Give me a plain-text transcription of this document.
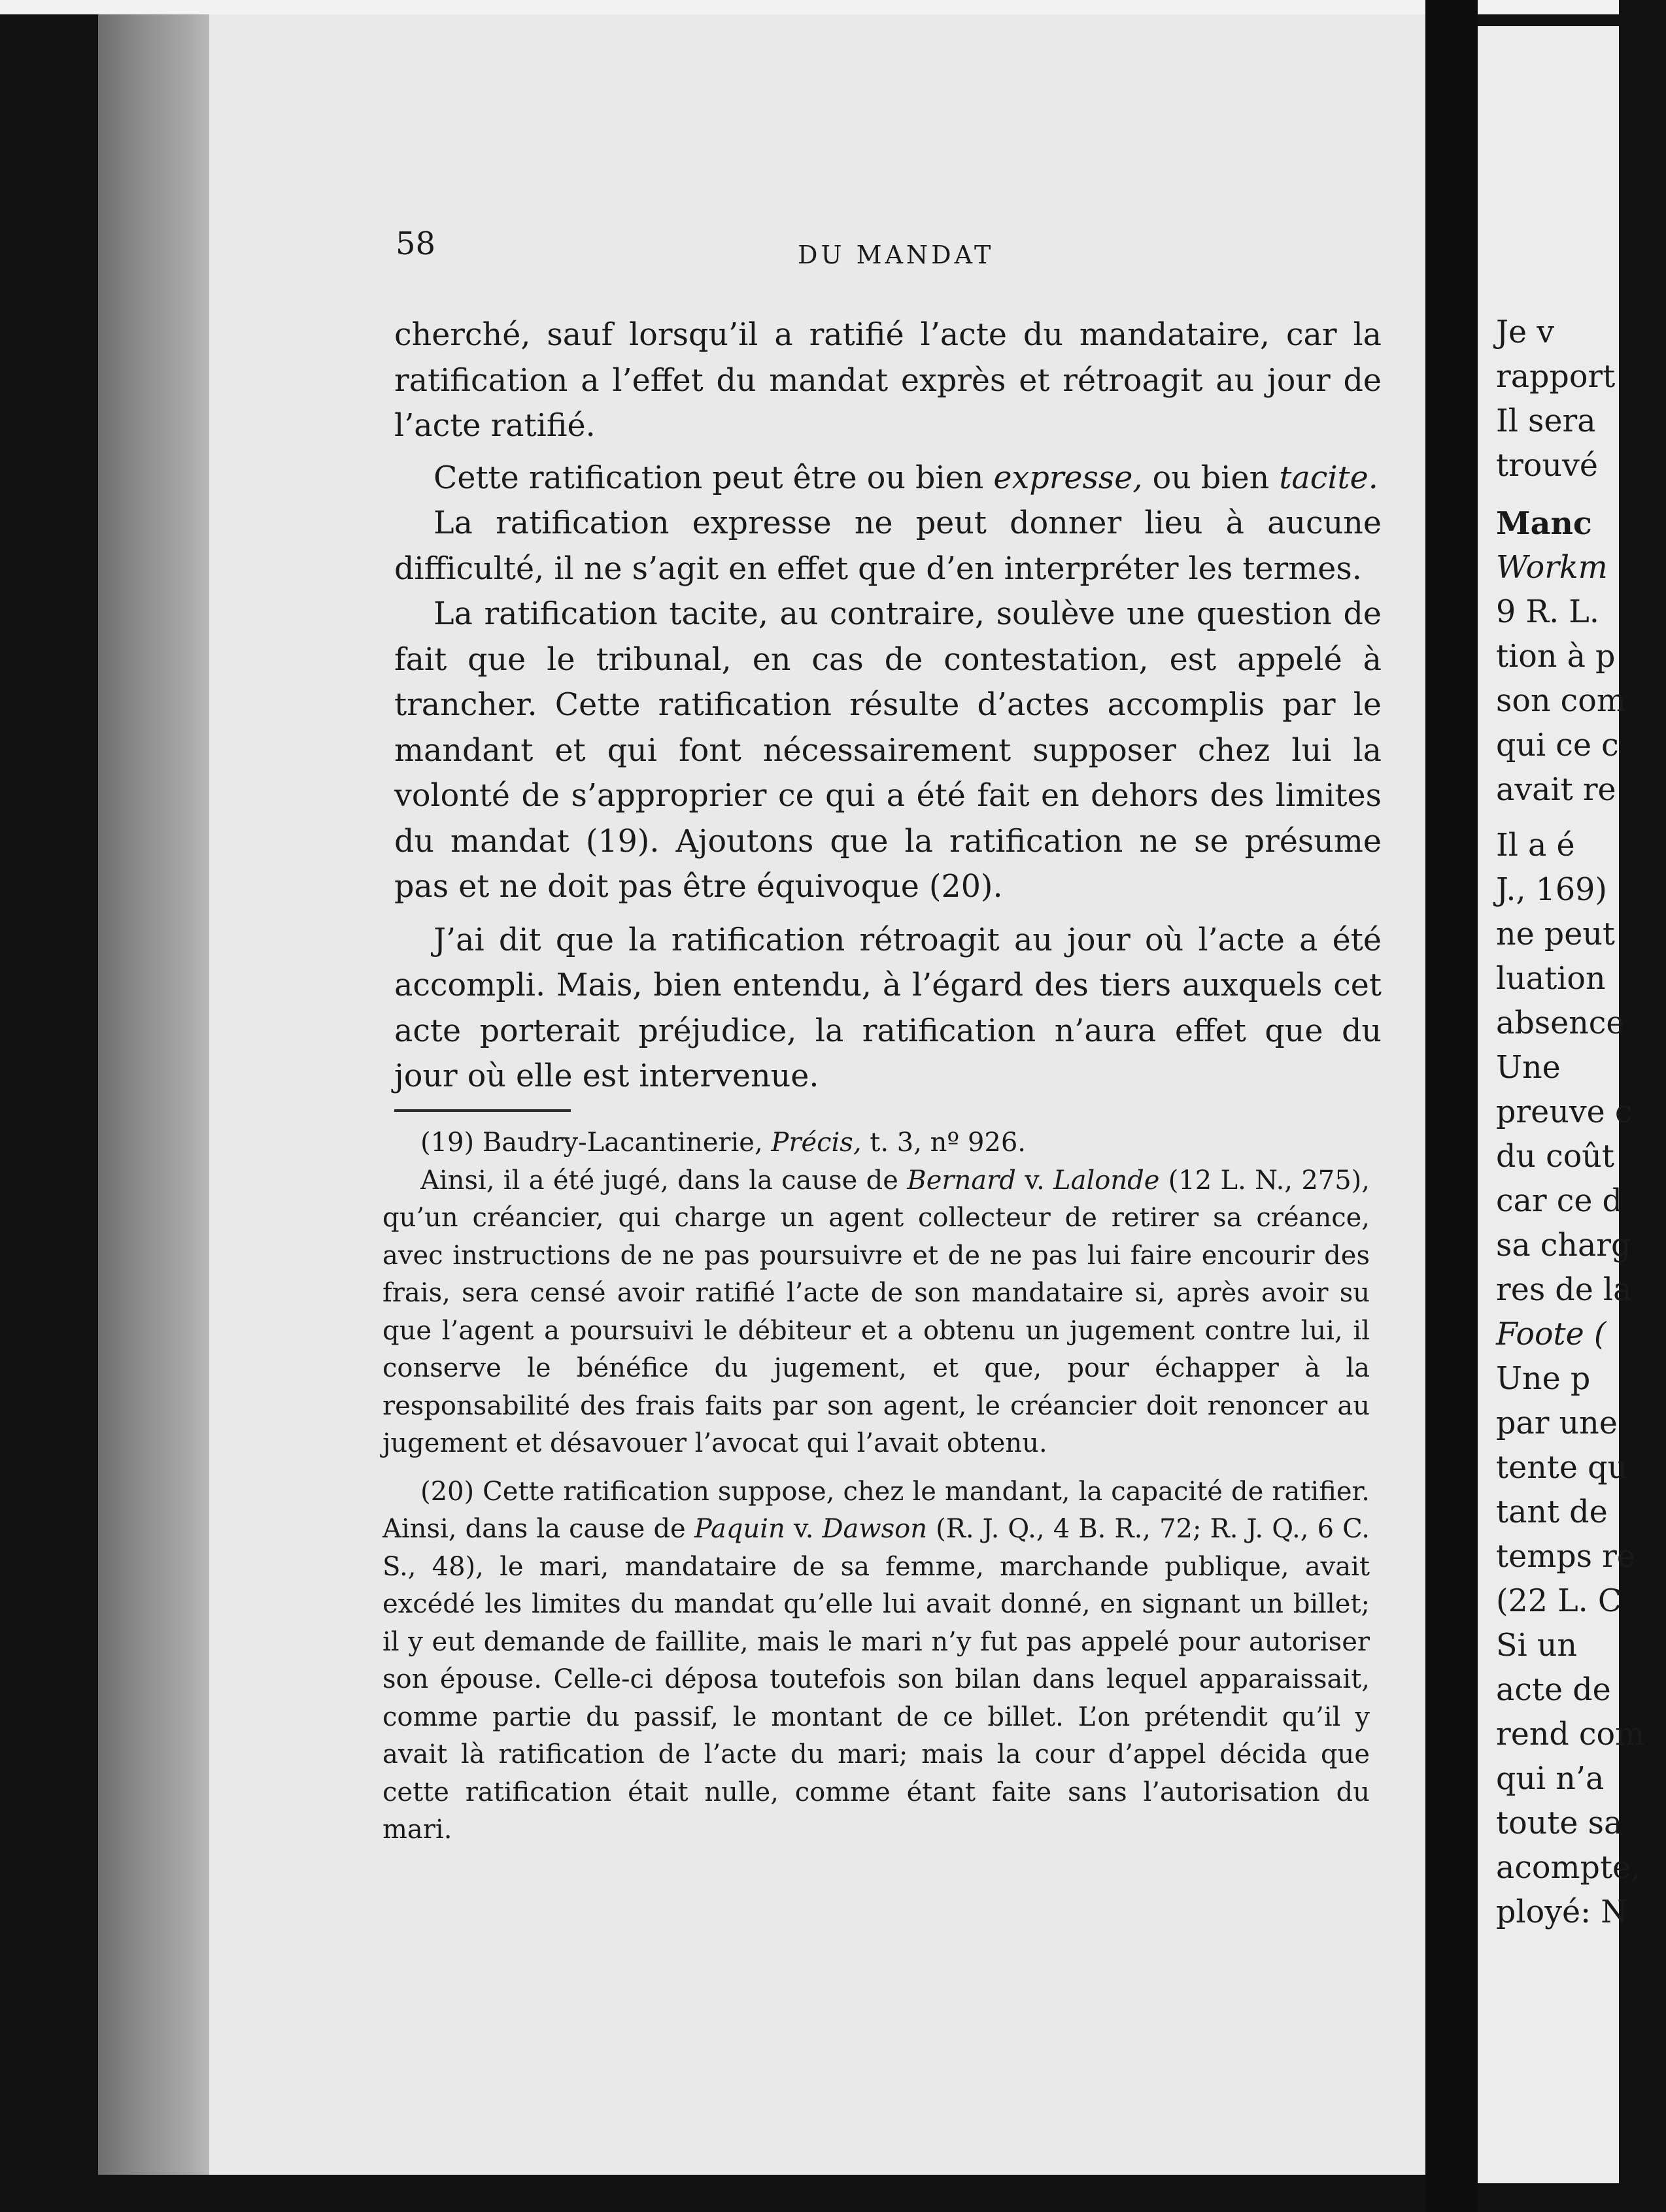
58	DU MANDAT

cherché, sauf lorsqu’il a ratifié l’acte du mandataire, car la ratification a l’effet du mandat exprès et rétroagit au jour de l’acte ratifié.

Cette ratification peut être ou bien expresse, ou bien tacite.

La ratification expresse ne peut donner lieu à aucune difficulté, il ne s’agit en effet que d’en interpréter les termes.

La ratification tacite, au contraire, soulève une question de fait que le tribunal, en cas de contestation, est appelé à trancher. Cette ratification résulte d’actes accomplis par le mandant et qui font nécessairement supposer chez lui la volonté de s’approprier ce qui a été fait en dehors des limites du mandat (19). Ajoutons que la ratification ne se présume pas et ne doit pas être équivoque (20).

J’ai dit que la ratification rétroagit au jour où l’acte a été accompli. Mais, bien entendu, à l’égard des tiers auxquels cet acte porterait préjudice, la ratification n’aura effet que du jour où elle est intervenue.

(19) Baudry-Lacantinerie, Précis, t. 3, nº 926.

Ainsi, il a été jugé, dans la cause de Bernard v. Lalonde (12 L. N., 275), qu’un créancier, qui charge un agent collecteur de retirer sa créance, avec instructions de ne pas poursuivre et de ne pas lui faire encourir des frais, sera censé avoir ratifié l’acte de son mandataire si, après avoir su que l’agent a poursuivi le débiteur et a obtenu un jugement contre lui, il conserve le bénéfice du jugement, et que, pour échapper à la responsabilité des frais faits par son agent, le créancier doit renoncer au jugement et désavouer l’avocat qui l’avait obtenu.

(20) Cette ratification suppose, chez le mandant, la capacité de ratifier. Ainsi, dans la cause de Paquin v. Dawson (R. J. Q., 4 B. R., 72; R. J. Q., 6 C. S., 48), le mari, mandataire de sa femme, marchande publique, avait excédé les limites du mandat qu’elle lui avait donné, en signant un billet; il y eut demande de faillite, mais le mari n’y fut pas appelé pour autoriser son épouse. Celle-ci déposa toutefois son bilan dans lequel apparaissait, comme partie du passif, le montant de ce billet. L’on prétendit qu’il y avait là ratification de l’acte du mari; mais la cour d’appel décida que cette ratification était nulle, comme étant faite sans l’autorisation du mari.

Je v
rapport
Il sera
trouvé
Manc
Workm
9 R. L.
tion à p
son com
qui ce c
avait re
Il a é
J., 169)
ne peut
luation
absence
Une
preuve c
du coût
car ce d
sa charg
res de la
Foote (
Une p
par une
tente qu
tant de
temps re
(22 L. C
Si un
acte de
rend com
qui n’a
toute sa
acompte,
ployé: N
